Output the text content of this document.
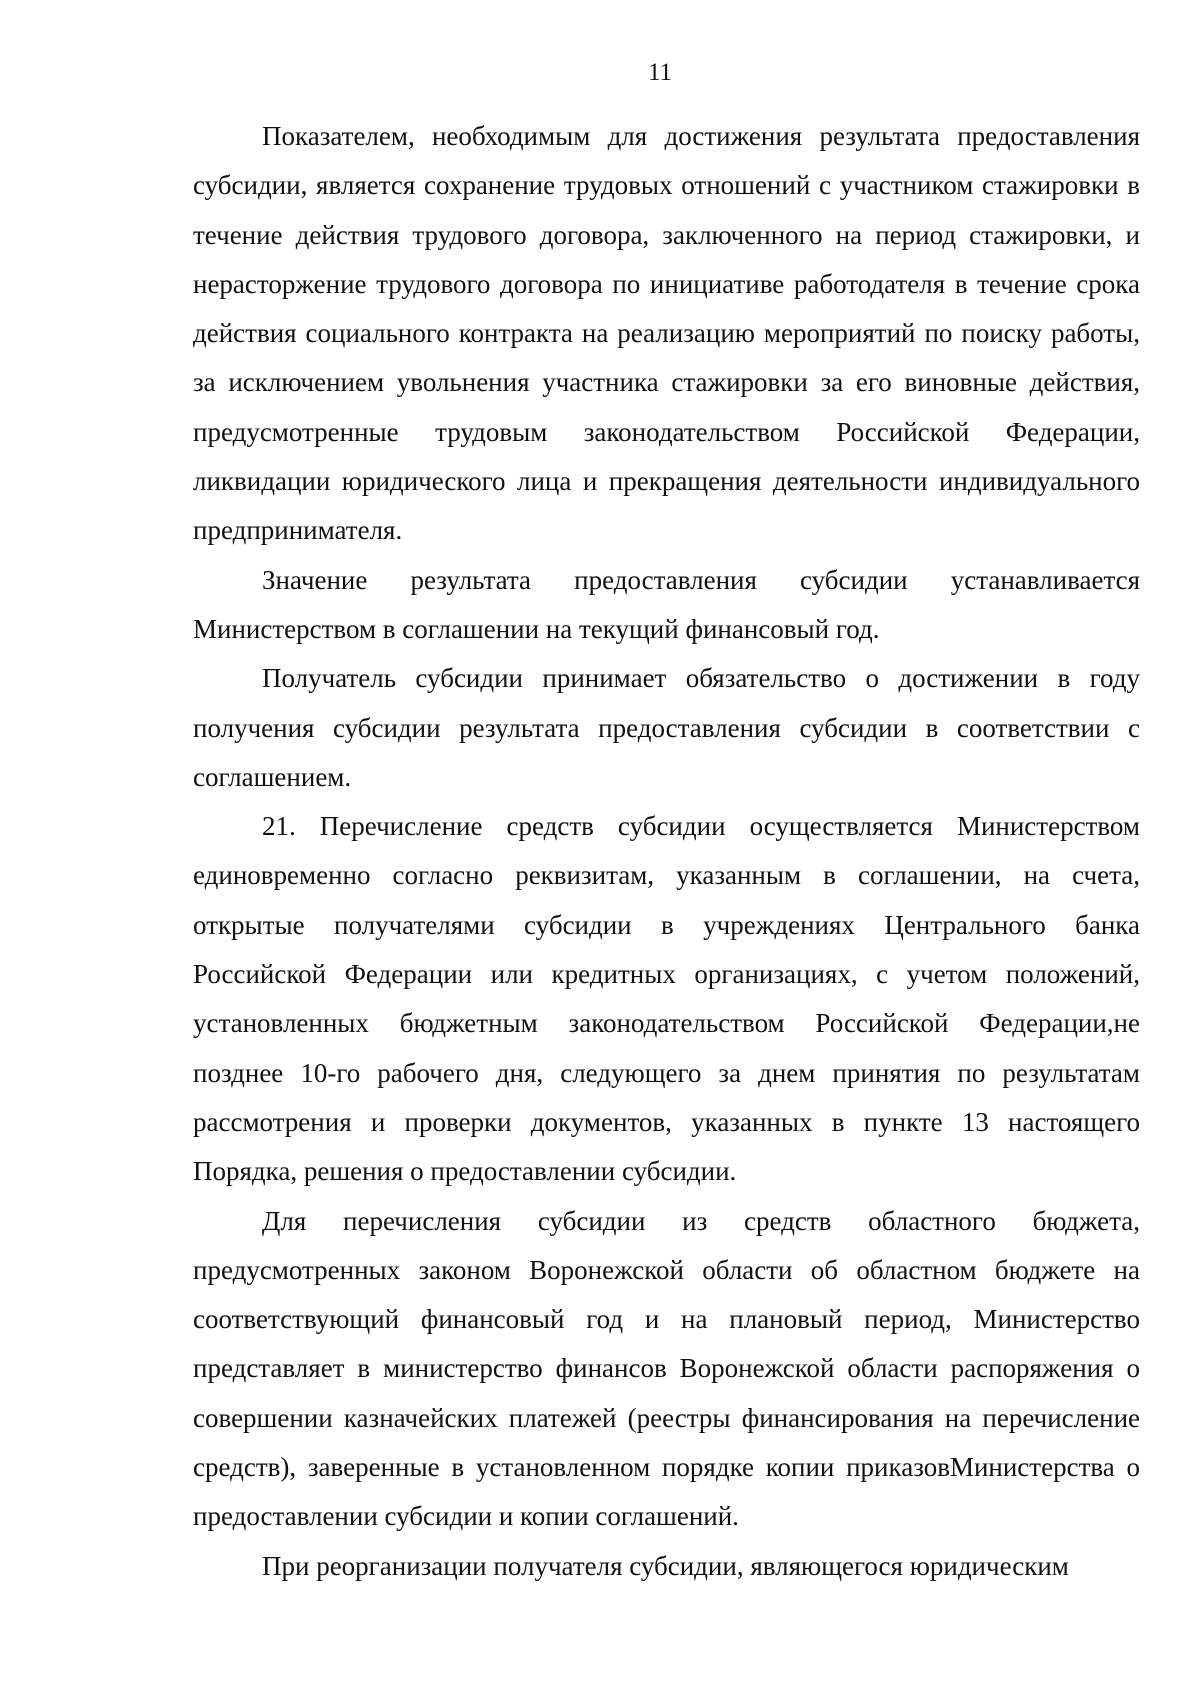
11

Показателем, необходимым для достижения результата предоставления субсидии, является сохранение трудовых отношений с участником стажировки в течение действия трудового договора, заключенного на период стажировки, и нерасторжение трудового договора по инициативе работодателя в течение срока действия социального контракта на реализацию мероприятий по поиску работы, за исключением увольнения участника стажировки за его виновные действия, предусмотренные трудовым законодательством Российской Федерации, ликвидации юридического лица и прекращения деятельности индивидуального предпринимателя.

Значение результата предоставления субсидии устанавливается Министерством в соглашении на текущий финансовый год.

Получатель субсидии принимает обязательство о достижении в году получения субсидии результата предоставления субсидии в соответствии с соглашением.

21. Перечисление средств субсидии осуществляется Министерством единовременно согласно реквизитам, указанным в соглашении, на счета, открытые получателями субсидии в учреждениях Центрального банка Российской Федерации или кредитных организациях, с учетом положений, установленных бюджетным законодательством Российской Федерации,не позднее 10-го рабочего дня, следующего за днем принятия по результатам рассмотрения и проверки документов, указанных в пункте 13 настоящего Порядка, решения о предоставлении субсидии.

Для перечисления субсидии из средств областного бюджета, предусмотренных законом Воронежской области об областном бюджете на соответствующий финансовый год и на плановый период, Министерство представляет в министерство финансов Воронежской области распоряжения о совершении казначейских платежей (реестры финансирования на перечисление средств), заверенные в установленном порядке копии приказовМинистерства о предоставлении субсидии и копии соглашений.

При реорганизации получателя субсидии, являющегося юридическим
